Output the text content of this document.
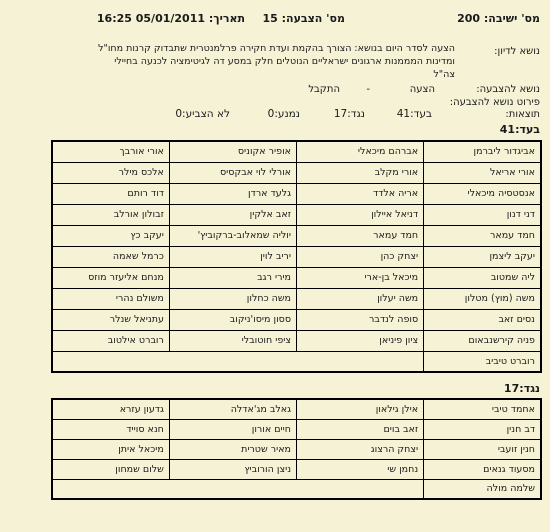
מס' ישיבה: 200
מס' הצבעה: 15
תאריך: 05/01/2011 16:25
נושא לדיון:
הצעה לסדר היום בנושא: הצורך בהקמת ועדת חקירה פרלמנטרית שתבדוק קרנות מחו"ל
ומדינות המממנות ארגונים ישראליים הנוטלים חלק במסע דה לגיטימציה לכנעה בחיילי
צה"ל
נושא להצבעה:
הצעה
-
התקבל
פירוט נושא להצבעה:
תוצאות:
בעד:41
נגד:17
נמנע:0
לא הצביע:0
בעד:41
אביגדור ליברמן	אברהם מיכאלי	אופיר אקוניס	אורי אורבך
אורי אריאל	אורי מקלב	אורלי לוי אבקסיס	אלכס מילר
אנסטסיה מיכאלי	אריה אלדד	גלעד ארדן	דוד רותם
דני דנון	דניאל איילון	זאב אלקין	זבולון אורלב
חמד עמאר	חמד עמאר	יוליה שמאלוב-ברקוביץ'	יעקב כץ
יעקב ליצמן	יצחק כהן	יריב לוין	כרמל שאמה
ליה שמטוב	מיכאל בן-ארי	מירי רגב	מנחם אליעזר מוזס
משה (מוץ) מטלון	משה יעלון	משה כחלון	משולם נהרי
נסים זאב	סופה לנדבר	ססון מיסו'ניקוב	עתניאל שנלר
פניה קירשנבאום	ציון פיניאן	ציפי חוטובלי	רוברט אילטוב
רוברט טיביב			
נגד:17
אחמד טיבי	אילן גילאון	גאלב מג'אדלה	גדעון עזרא
דב חנין	זאב בוים	חיים אורון	חנא סוייד
חנין זועבי	יצחק הרצוג	מאיר שטרית	מיכאל איתן
מסעוד גנאים	נחמן שי	ניצן הורוביץ	שלום שמחון
שלמה מולה			
